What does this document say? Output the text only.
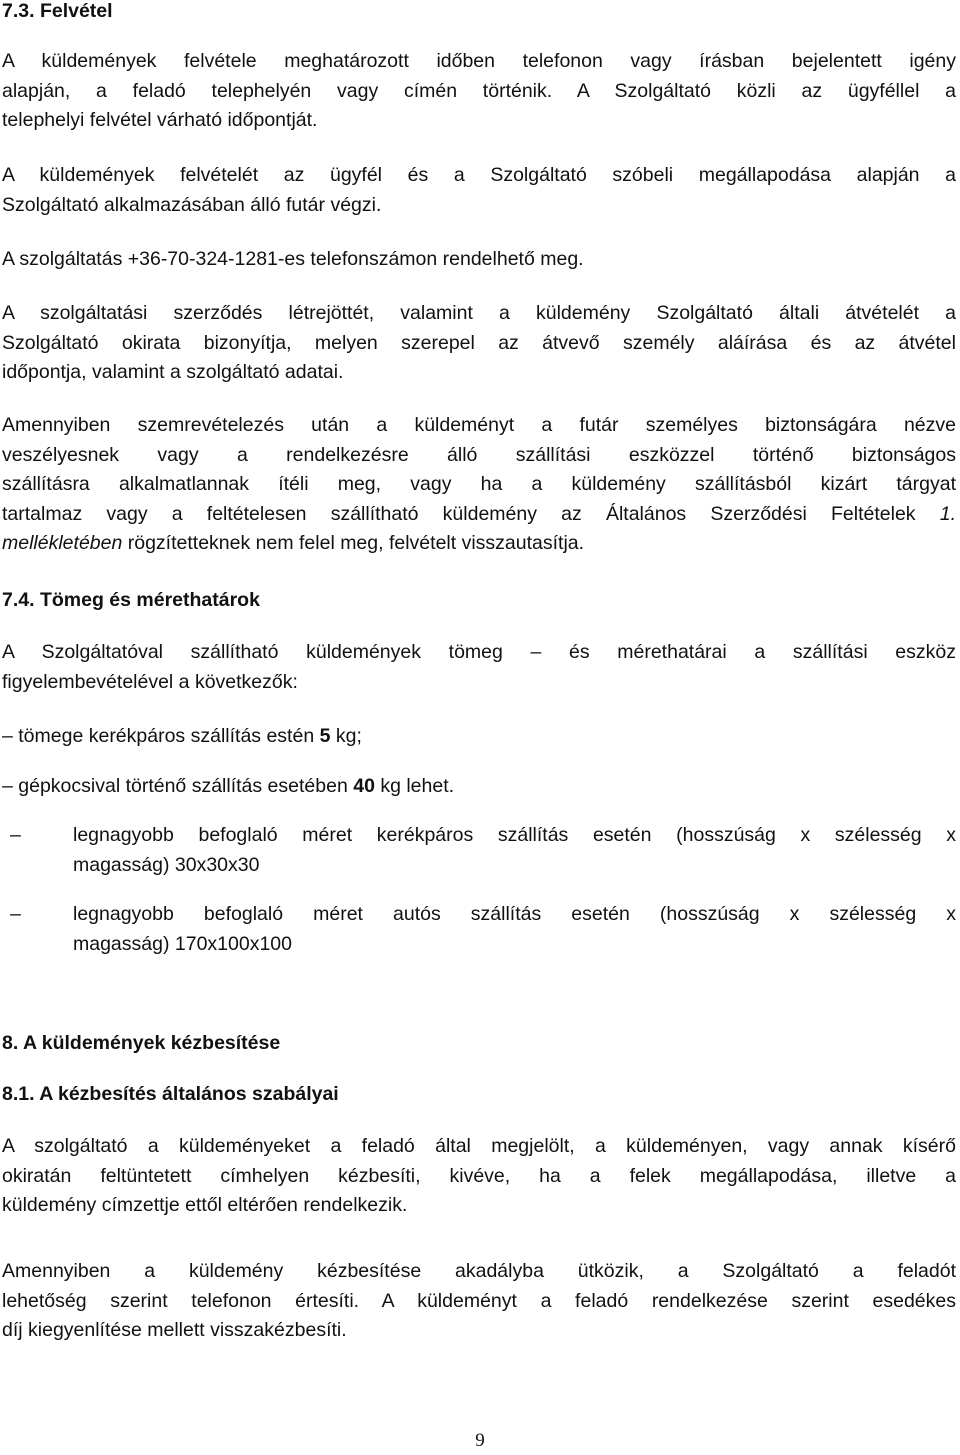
7.3. Felvétel
A küldemények felvétele meghatározott időben telefonon vagy írásban bejelentett igény
alapján, a feladó telephelyén vagy címén történik. A Szolgáltató közli az ügyféllel a
telephelyi felvétel várható időpontját.
A küldemények felvételét az ügyfél és a Szolgáltató szóbeli megállapodása alapján a
Szolgáltató alkalmazásában álló futár végzi.
A szolgáltatás +36-70-324-1281-es telefonszámon rendelhető meg.
A szolgáltatási szerződés létrejöttét, valamint a küldemény Szolgáltató általi átvételét a
Szolgáltató okirata bizonyítja, melyen szerepel az átvevő személy aláírása és az átvétel
időpontja, valamint a szolgáltató adatai.
Amennyiben szemrevételezés után a küldeményt a futár személyes biztonságára nézve
veszélyesnek vagy a rendelkezésre álló szállítási eszközzel történő biztonságos
szállításra alkalmatlannak ítéli meg, vagy ha a küldemény szállításból kizárt tárgyat
tartalmaz vagy a feltételesen szállítható küldemény az Általános Szerződési Feltételek 1.
mellékletében rögzítetteknek nem felel meg, felvételt visszautasítja.
7.4. Tömeg és mérethatárok
A Szolgáltatóval szállítható küldemények tömeg – és mérethatárai a szállítási eszköz
figyelembevételével a következők:
– tömege kerékpáros szállítás estén 5 kg;
– gépkocsival történő szállítás esetében 40 kg lehet.
–	legnagyobb befoglaló méret kerékpáros szállítás esetén (hosszúság x szélesség x
magasság) 30x30x30
–	legnagyobb befoglaló méret autós szállítás esetén (hosszúság x szélesség x
magasság) 170x100x100
8. A küldemények kézbesítése
8.1. A kézbesítés általános szabályai
A szolgáltató a küldeményeket a feladó által megjelölt, a küldeményen, vagy annak kísérő
okiratán feltüntetett címhelyen kézbesíti, kivéve, ha a felek megállapodása, illetve a
küldemény címzettje ettől eltérően rendelkezik.
Amennyiben a küldemény kézbesítése akadályba ütközik, a Szolgáltató a feladót
lehetőség szerint telefonon értesíti. A küldeményt a feladó rendelkezése szerint esedékes
díj kiegyenlítése mellett visszakézbesíti.
9
